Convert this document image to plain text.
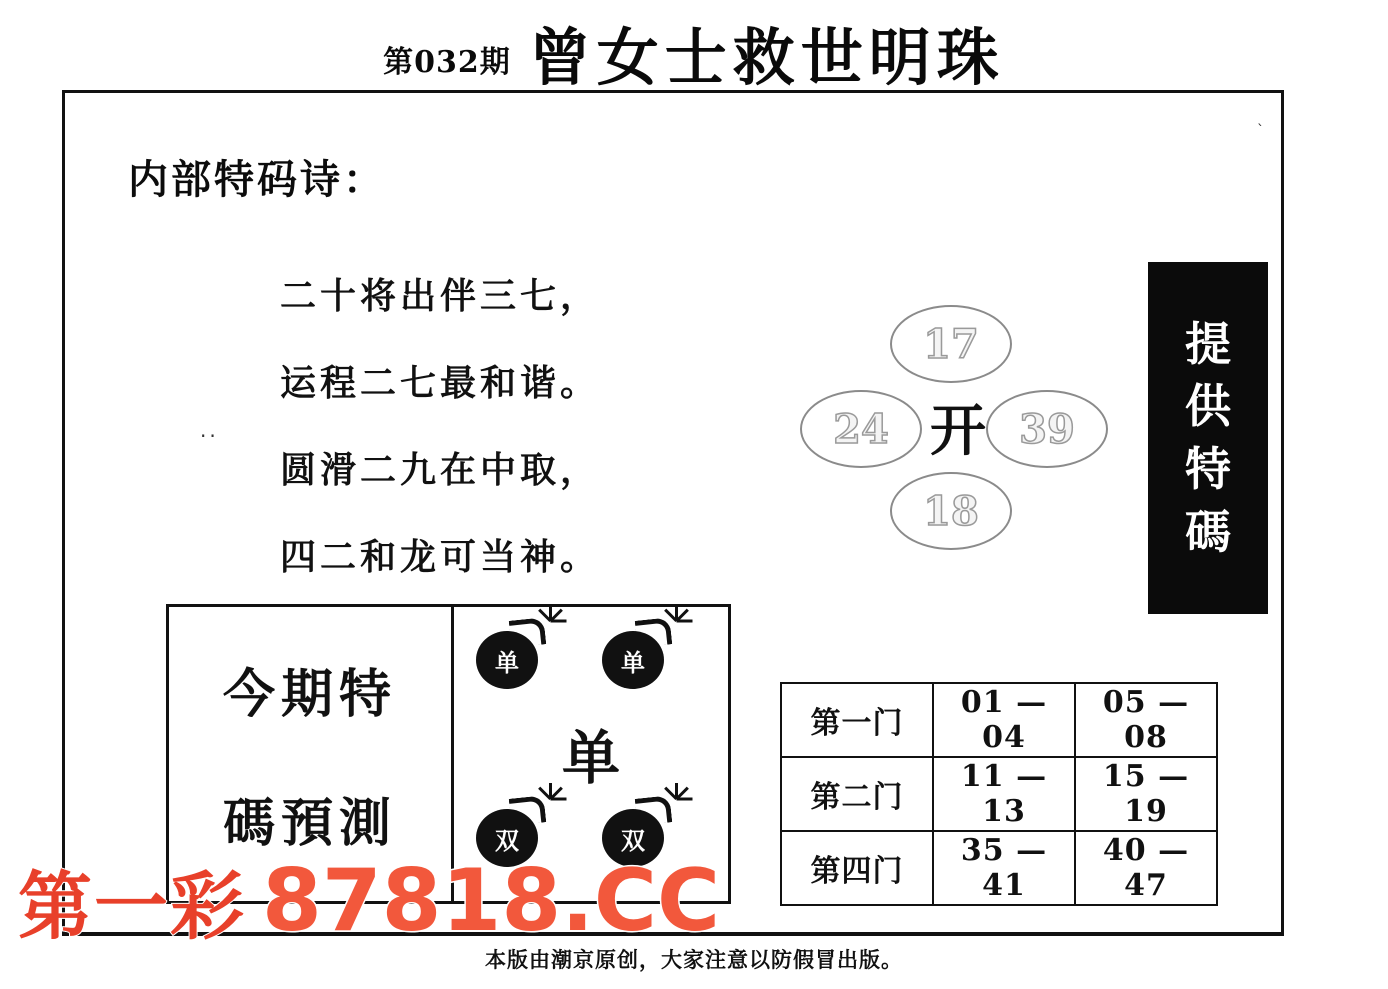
第032期 曾女士救世明珠
ˋ
内部特码诗：
..
二十将出伴三七，
运程二七最和谐。
圆滑二九在中取，
四二和龙可当神。
17
24	39
18
开
提
供
特
碼
今期特
碼預測
单	单
单
双	双
第一门	01 — 04	05 — 08
第二门	11 — 13	15 — 19
第四门	35 — 41	40 — 47
本版由潮京原创，大家注意以防假冒出版。
第一彩 87818.CC
